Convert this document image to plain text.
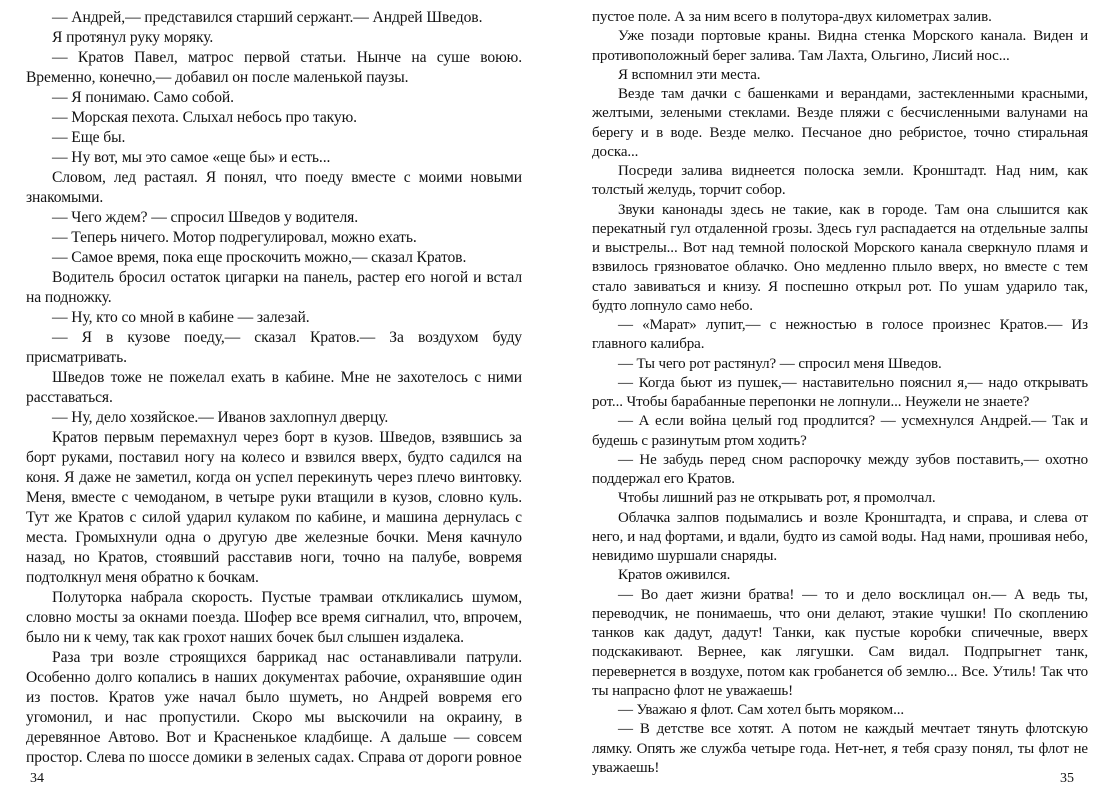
— Андрей,— представился старший сержант.— Андрей Шведов.

Я протянул руку моряку.

— Кратов Павел, матрос первой статьи. Нынче на суше воюю. Временно, конечно,— добавил он после маленькой паузы.

— Я понимаю. Само собой.

— Морская пехота. Слыхал небось про такую.

— Еще бы.

— Ну вот, мы это самое «еще бы» и есть...

Словом, лед растаял. Я понял, что поеду вместе с моими новыми знакомыми.

— Чего ждем? — спросил Шведов у водителя.

— Теперь ничего. Мотор подрегулировал, можно ехать.

— Самое время, пока еще проскочить можно,— сказал Кратов.

Водитель бросил остаток цигарки на панель, растер его ногой и встал на подножку.

— Ну, кто со мной в кабине — залезай.

— Я в кузове поеду,— сказал Кратов.— За воздухом буду присматривать.

Шведов тоже не пожелал ехать в кабине. Мне не захотелось с ними расставаться.

— Ну, дело хозяйское.— Иванов захлопнул дверцу.

Кратов первым перемахнул через борт в кузов. Шведов, взявшись за борт руками, поставил ногу на колесо и взвился вверх, будто садился на коня. Я даже не заметил, когда он успел перекинуть через плечо винтовку. Меня, вместе с чемоданом, в четыре руки втащили в кузов, словно куль. Тут же Кратов с силой ударил кулаком по кабине, и машина дернулась с места. Громыхнули одна о другую две железные бочки. Меня качнуло назад, но Кратов, стоявший расставив ноги, точно на палубе, вовремя подтолкнул меня обратно к бочкам.

Полуторка набрала скорость. Пустые трамваи откликались шумом, словно мосты за окнами поезда. Шофер все время сигналил, что, впрочем, было ни к чему, так как грохот наших бочек был слышен издалека.

Раза три возле строящихся баррикад нас останавливали патрули. Особенно долго копались в наших документах рабочие, охранявшие один из постов. Кратов уже начал было шуметь, но Андрей вовремя его угомонил, и нас пропустили. Скоро мы выскочили на окраину, в деревянное Автово. Вот и Красненькое кладбище. А дальше — совсем простор. Слева по шоссе домики в зеленых садах. Справа от дороги ровное

34

пустое поле. А за ним всего в полутора-двух километрах залив.

Уже позади портовые краны. Видна стенка Морского канала. Виден и противоположный берег залива. Там Лахта, Ольгино, Лисий нос...

Я вспомнил эти места.

Везде там дачки с башенками и верандами, застекленными красными, желтыми, зелеными стеклами. Везде пляжи с бесчисленными валунами на берегу и в воде. Везде мелко. Песчаное дно ребристое, точно стиральная доска...

Посреди залива виднеется полоска земли. Кронштадт. Над ним, как толстый желудь, торчит собор.

Звуки канонады здесь не такие, как в городе. Там она слышится как перекатный гул отдаленной грозы. Здесь гул распадается на отдельные залпы и выстрелы... Вот над темной полоской Морского канала сверкнуло пламя и взвилось грязноватое облачко. Оно медленно плыло вверх, но вместе с тем стало завиваться и книзу. Я поспешно открыл рот. По ушам ударило так, будто лопнуло само небо.

— «Марат» лупит,— с нежностью в голосе произнес Кратов.— Из главного калибра.

— Ты чего рот растянул? — спросил меня Шведов.

— Когда бьют из пушек,— наставительно пояснил я,— надо открывать рот... Чтобы барабанные перепонки не лопнули... Неужели не знаете?

— А если война целый год продлится? — усмехнулся Андрей.— Так и будешь с разинутым ртом ходить?

— Не забудь перед сном распорочку между зубов поставить,— охотно поддержал его Кратов.

Чтобы лишний раз не открывать рот, я промолчал.

Облачка залпов подымались и возле Кронштадта, и справа, и слева от него, и над фортами, и вдали, будто из самой воды. Над нами, прошивая небо, невидимо шуршали снаряды.

Кратов оживился.

— Во дает жизни братва! — то и дело восклицал он.— А ведь ты, переводчик, не понимаешь, что они делают, этакие чушки! По скоплению танков как дадут, дадут! Танки, как пустые коробки спичечные, вверх подскакивают. Вернее, как лягушки. Сам видал. Подпрыгнет танк, перевернется в воздухе, потом как гробанется об землю... Все. Утиль! Так что ты напрасно флот не уважаешь!

— Уважаю я флот. Сам хотел быть моряком...

— В детстве все хотят. А потом не каждый мечтает тянуть флотскую лямку. Опять же служба четыре года. Нет-нет, я тебя сразу понял, ты флот не уважаешь!

35
